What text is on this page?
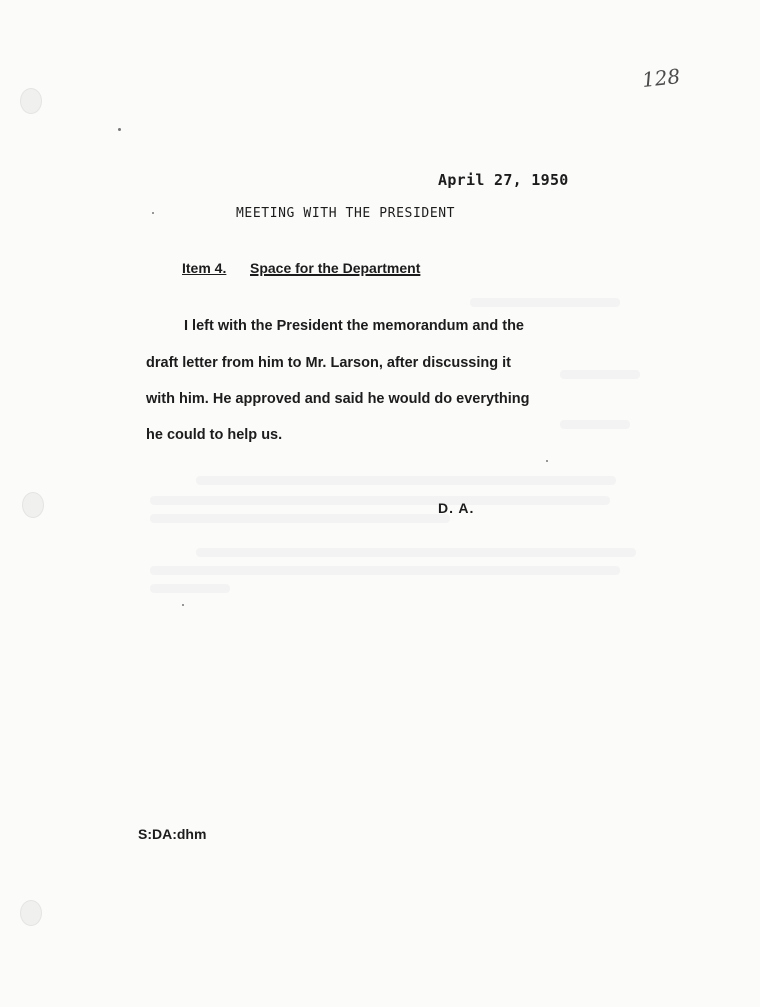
128
April 27, 1950
MEETING WITH THE PRESIDENT
Item 4. Space for the Department
I left with the President the memorandum and the
draft letter from him to Mr. Larson, after discussing it
with him. He approved and said he would do everything
he could to help us.
D. A.
S:DA:dhm
